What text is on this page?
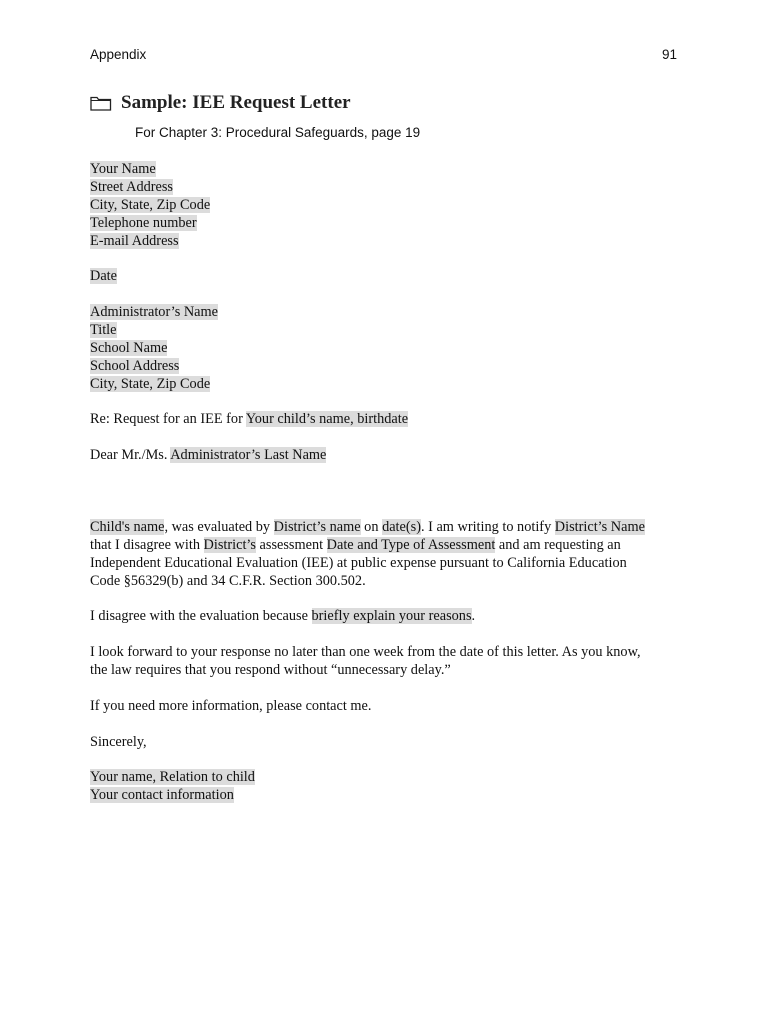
Appendix	91
Sample: IEE Request Letter
For Chapter 3: Procedural Safeguards, page 19
Your Name
Street Address
City, State, Zip Code
Telephone number
E-mail Address
Date
Administrator’s Name
Title
School Name
School Address
City, State, Zip Code
Re: Request for an IEE for Your child’s name, birthdate
Dear Mr./Ms. Administrator’s Last Name
Child's name, was evaluated by District’s name on date(s). I am writing to notify District’s Name
that I disagree with District’s assessment Date and Type of Assessment and am requesting an
Independent Educational Evaluation (IEE) at public expense pursuant to California Education
Code §56329(b) and 34 C.F.R. Section 300.502.
I disagree with the evaluation because briefly explain your reasons.
I look forward to your response no later than one week from the date of this letter. As you know,
the law requires that you respond without “unnecessary delay.”
If you need more information, please contact me.
Sincerely,
Your name, Relation to child
Your contact information
